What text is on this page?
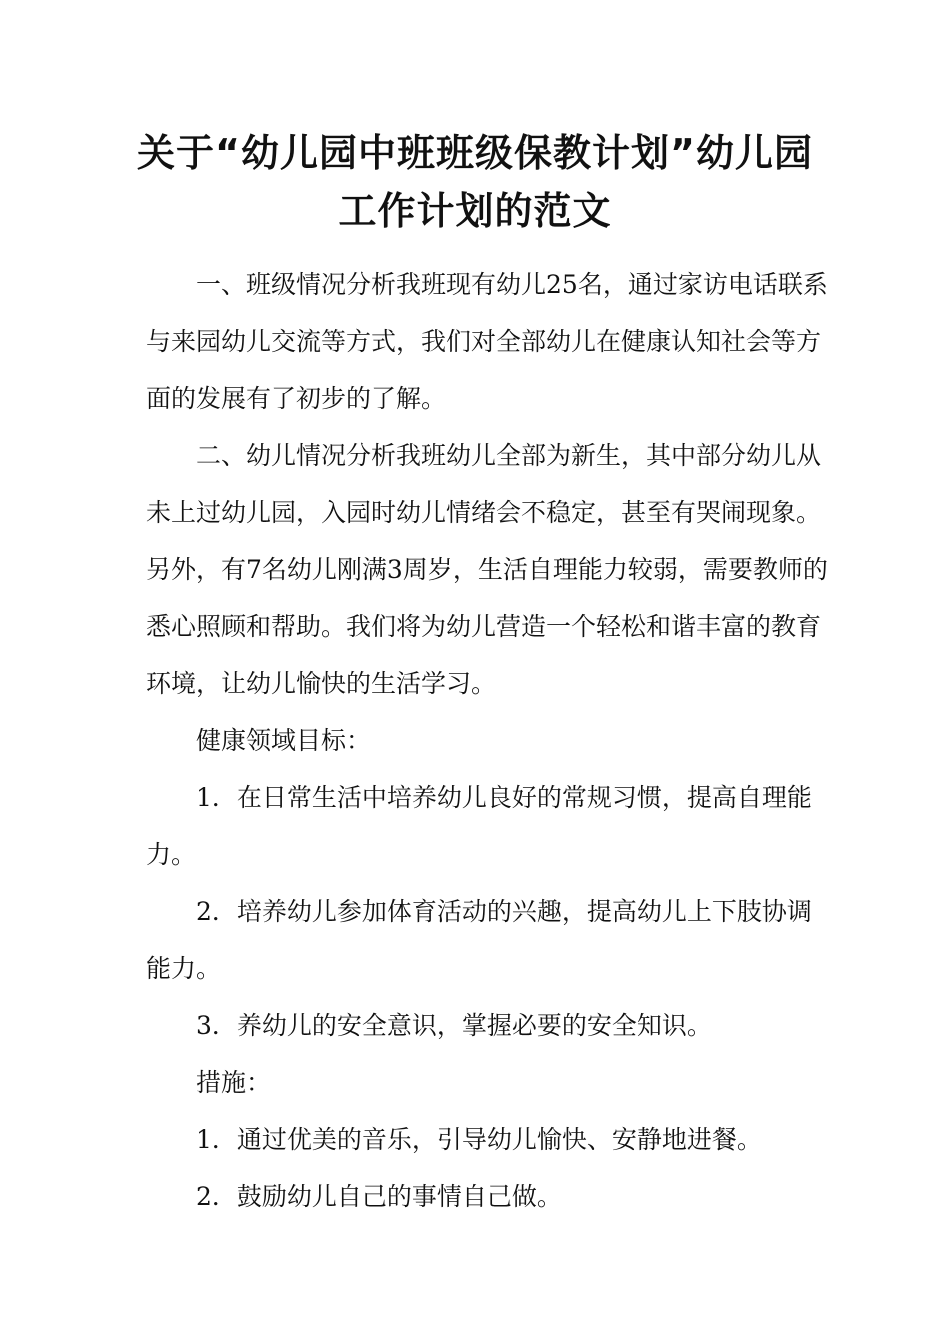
关于“幼儿园中班班级保教计划”幼儿园工作计划的范文

一、班级情况分析我班现有幼儿25名，通过家访电话联系与来园幼儿交流等方式，我们对全部幼儿在健康认知社会等方面的发展有了初步的了解。

二、幼儿情况分析我班幼儿全部为新生，其中部分幼儿从未上过幼儿园，入园时幼儿情绪会不稳定，甚至有哭闹现象。另外，有7名幼儿刚满3周岁，生活自理能力较弱，需要教师的悉心照顾和帮助。我们将为幼儿营造一个轻松和谐丰富的教育环境，让幼儿愉快的生活学习。

健康领域目标：

1．在日常生活中培养幼儿良好的常规习惯，提高自理能力。

2．培养幼儿参加体育活动的兴趣，提高幼儿上下肢协调能力。

3．养幼儿的安全意识，掌握必要的安全知识。

措施：

1．通过优美的音乐，引导幼儿愉快、安静地进餐。

2．鼓励幼儿自己的事情自己做。
